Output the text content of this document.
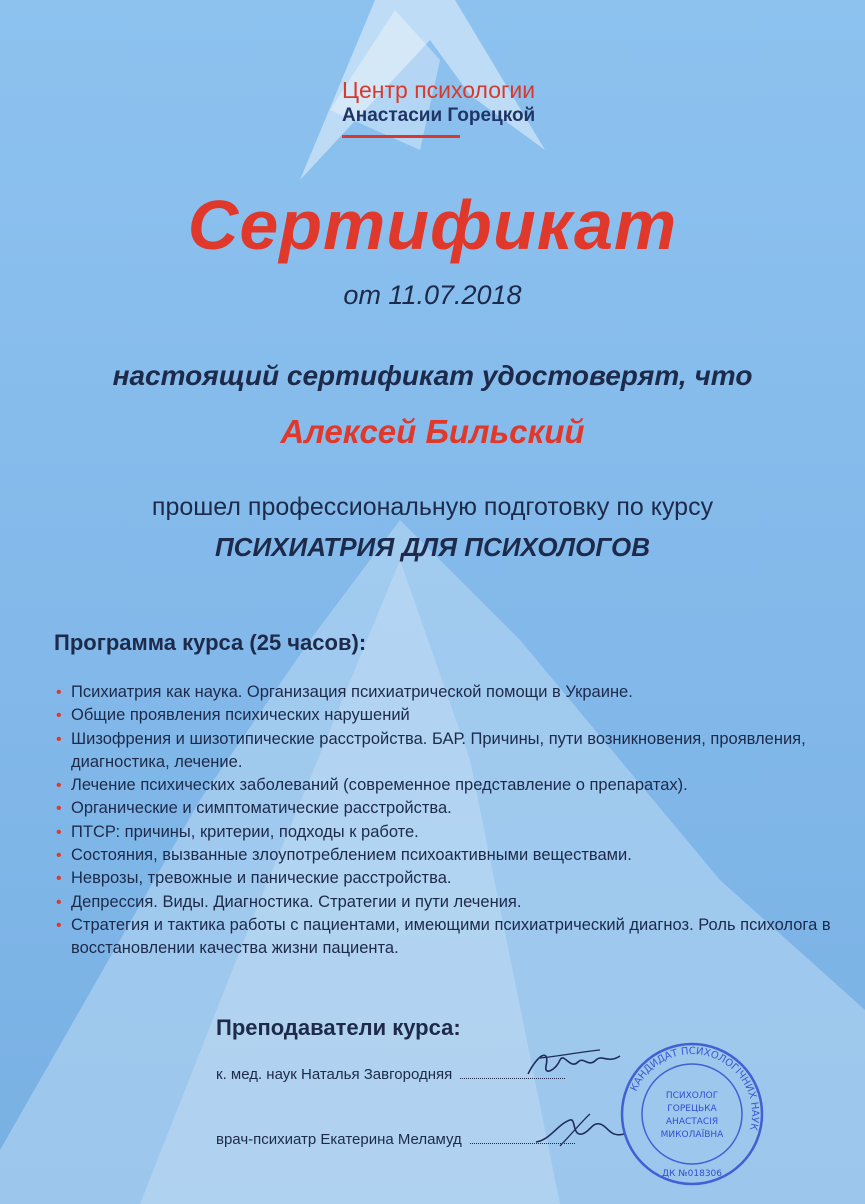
Центр психологии
Анастасии Горецкой
Сертификат
от 11.07.2018
настоящий сертификат удостоверят, что
Алексей Бильский
прошел профессиональную подготовку по курсу
ПСИХИАТРИЯ ДЛЯ ПСИХОЛОГОВ
Программа курса (25 часов):
• Психиатрия как наука. Организация психиатрической помощи в Украине.
• Общие проявления психических нарушений
• Шизофрения и шизотипические расстройства. БАР. Причины, пути возникновения, проявления, диагностика, лечение.
• Лечение психических заболеваний (современное представление о препаратах).
• Органические и симптоматические расстройства.
• ПТСР: причины, критерии, подходы к работе.
• Состояния, вызванные злоупотреблением психоактивными веществами.
• Неврозы, тревожные и панические расстройства.
• Депрессия. Виды. Диагностика. Стратегии и пути лечения.
• Стратегия и тактика работы с пациентами, имеющими психиатрический диагноз. Роль психолога в восстановлении качества жизни пациента.
Преподаватели курса:
к. мед. наук Наталья Завгородняя
врач-психиатр Екатерина Меламуд
КАНДИДАТ ПСИХОЛОГІЧНИХ НАУК
ПСИХОЛОГ
ГОРЕЦЬКА
АНАСТАСІЯ
МИКОЛАЇВНА
ДК №018306
